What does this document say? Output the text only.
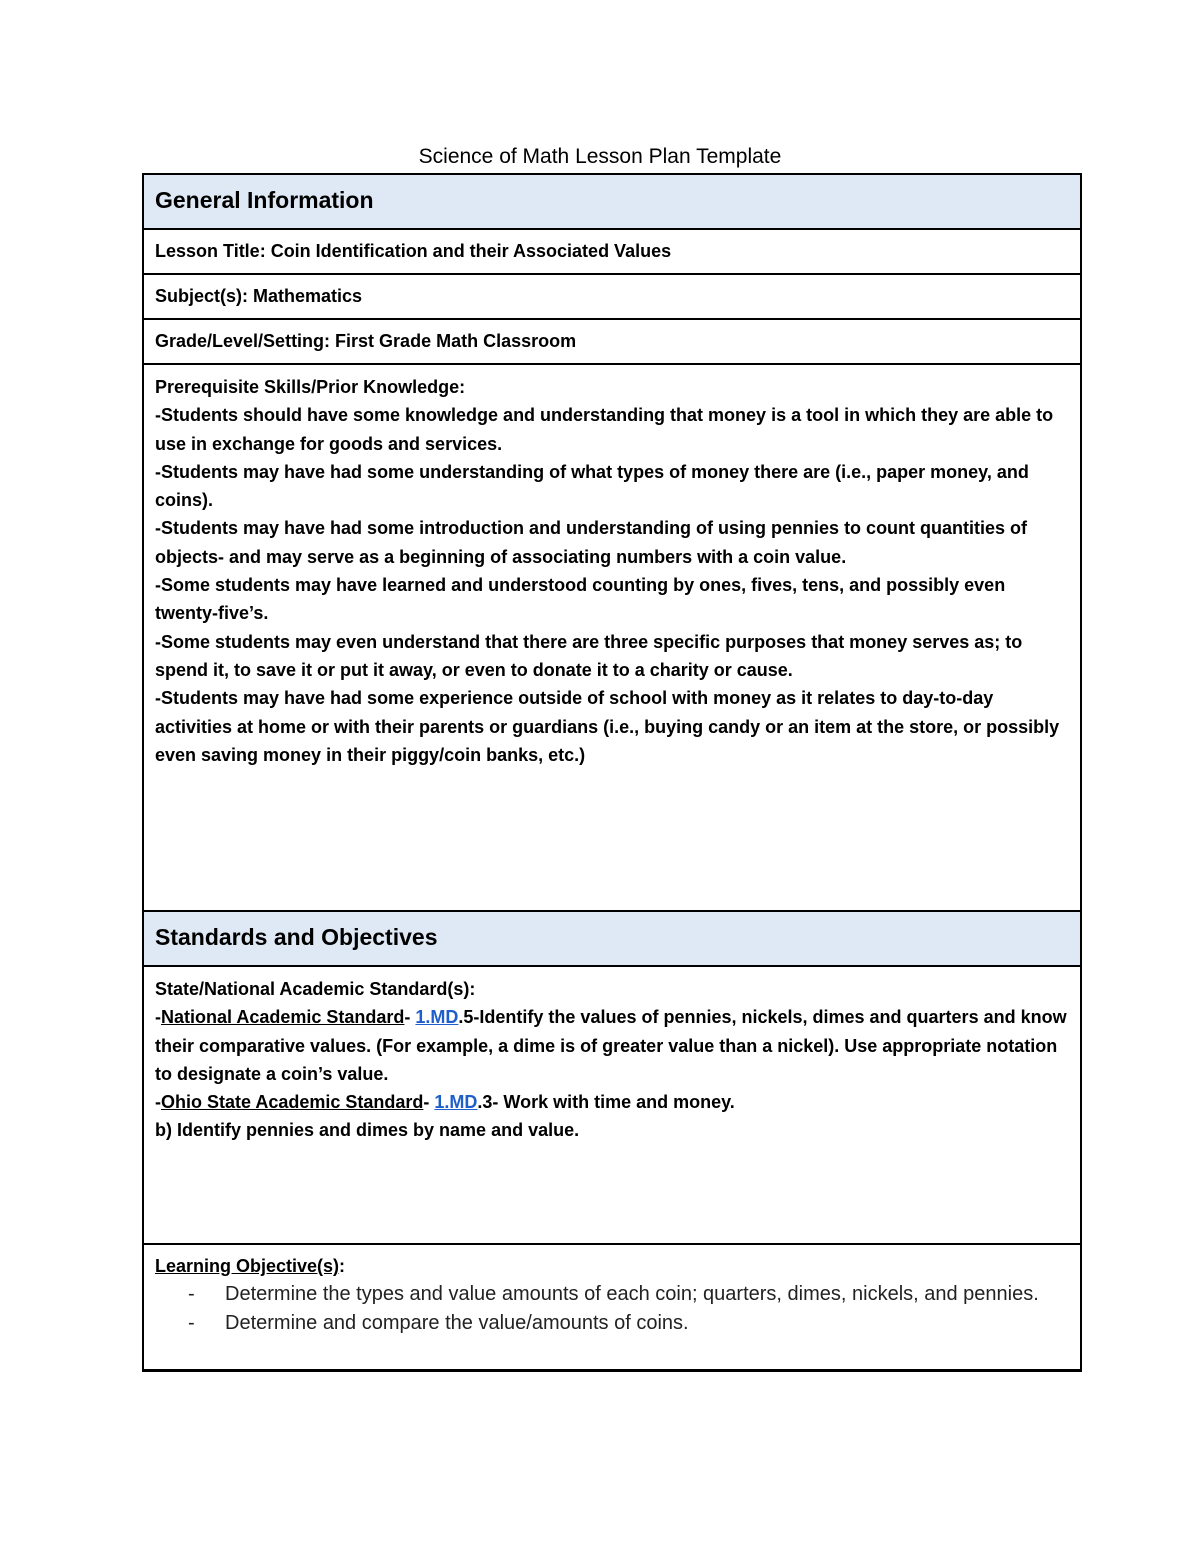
Science of Math Lesson Plan Template
General Information
Lesson Title: Coin Identification and their Associated Values
Subject(s): Mathematics
Grade/Level/Setting: First Grade Math Classroom

Prerequisite Skills/Prior Knowledge:

-Students should have some knowledge and understanding that money is a tool in which they are able to use in exchange for goods and services.

-Students may have had some understanding of what types of money there are (i.e., paper money, and coins).

-Students may have had some introduction and understanding of using pennies to count quantities of objects- and may serve as a beginning of associating numbers with a coin value.

-Some students may have learned and understood counting by ones, fives, tens, and possibly even twenty-five’s.

-Some students may even understand that there are three specific purposes that money serves as; to spend it, to save it or put it away, or even to donate it to a charity or cause.

-Students may have had some experience outside of school with money as it relates to day-to-day activities at home or with their parents or guardians (i.e., buying candy or an item at the store, or possibly even saving money in their piggy/coin banks, etc.)

Standards and Objectives

State/National Academic Standard(s):

-National Academic Standard- 1.MD.5-Identify the values of pennies, nickels, dimes and quarters and know their comparative values. (For example, a dime is of greater value than a nickel). Use appropriate notation to designate a coin’s value.

-Ohio State Academic Standard- 1.MD.3- Work with time and money.

b) Identify pennies and dimes by name and value.

Learning Objective(s):

- Determine the types and value amounts of each coin; quarters, dimes, nickels, and pennies.
- Determine and compare the value/amounts of coins.
